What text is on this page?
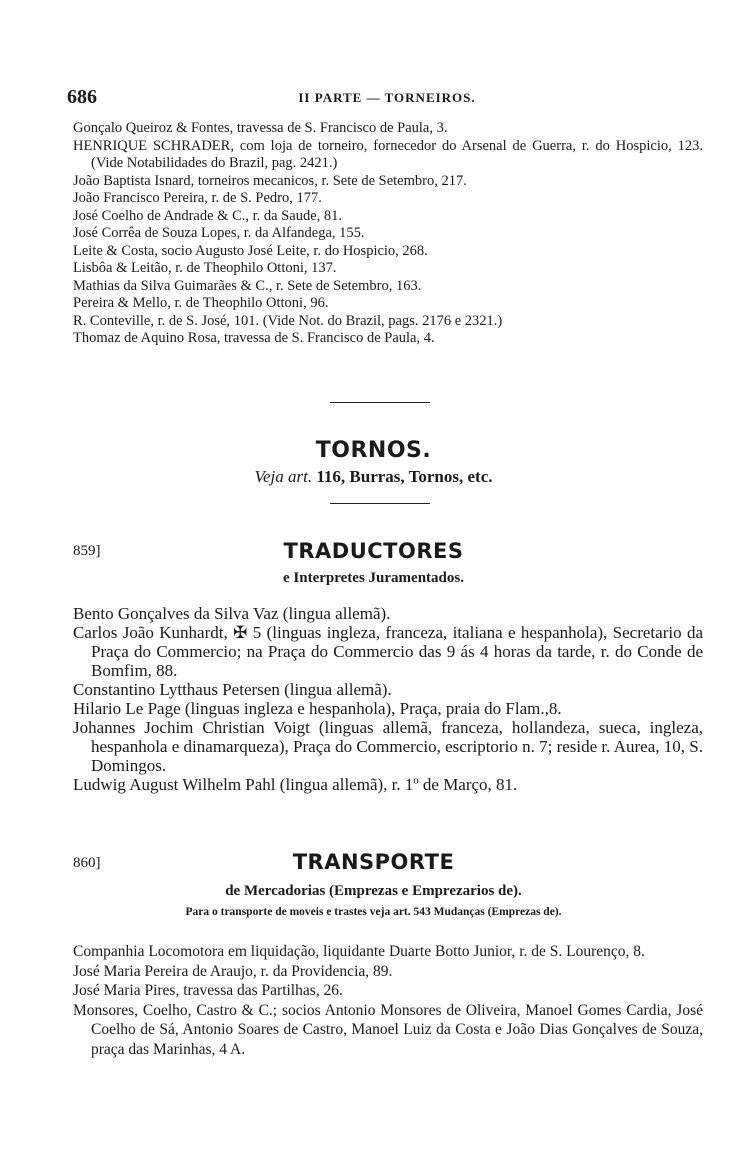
686	II PARTE — TORNEIROS.
Gonçalo Queiroz & Fontes, travessa de S. Francisco de Paula, 3.
HENRIQUE SCHRADER, com loja de torneiro, fornecedor do Arsenal de Guerra, r. do Hospicio, 123. (Vide Notabilidades do Brazil, pag. 2421.)
João Baptista Isnard, torneiros mecanicos, r. Sete de Setembro, 217.
João Francisco Pereira, r. de S. Pedro, 177.
José Coelho de Andrade & C., r. da Saude, 81.
José Corrêa de Souza Lopes, r. da Alfandega, 155.
Leite & Costa, socio Augusto José Leite, r. do Hospicio, 268.
Lisbôa & Leitão, r. de Theophilo Ottoni, 137.
Mathias da Silva Guimarães & C., r. Sete de Setembro, 163.
Pereira & Mello, r. de Theophilo Ottoni, 96.
R. Conteville, r. de S. José, 101. (Vide Not. do Brazil, pags. 2176 e 2321.)
Thomaz de Aquino Rosa, travessa de S. Francisco de Paula, 4.
TORNOS.
Veja art. 116, Burras, Tornos, etc.
859]	TRADUCTORES
e Interpretes Juramentados.
Bento Gonçalves da Silva Vaz (lingua allemã).
Carlos João Kunhardt, ✠ 5 (linguas ingleza, franceza, italiana e hespanhola), Secretario da Praça do Commercio; na Praça do Commercio das 9 ás 4 horas da tarde, r. do Conde de Bomfim, 88.
Constantino Lytthaus Petersen (lingua allemã).
Hilario Le Page (linguas ingleza e hespanhola), Praça, praia do Flam.,8.
Johannes Jochim Christian Voigt (linguas allemã, franceza, hollandeza, sueca, ingleza, hespanhola e dinamarqueza), Praça do Commercio, escriptorio n. 7; reside r. Aurea, 10, S. Domingos.
Ludwig August Wilhelm Pahl (lingua allemã), r. 1º de Março, 81.
860]	TRANSPORTE
de Mercadorias (Emprezas e Emprezarios de).
Para o transporte de moveis e trastes veja art. 543 Mudanças (Emprezas de).
Companhia Locomotora em liquidação, liquidante Duarte Botto Junior, r. de S. Lourenço, 8.
José Maria Pereira de Araujo, r. da Providencia, 89.
José Maria Pires, travessa das Partilhas, 26.
Monsores, Coelho, Castro & C.; socios Antonio Monsores de Oliveira, Manoel Gomes Cardia, José Coelho de Sá, Antonio Soares de Castro, Manoel Luiz da Costa e João Dias Gonçalves de Souza, praça das Marinhas, 4 A.
